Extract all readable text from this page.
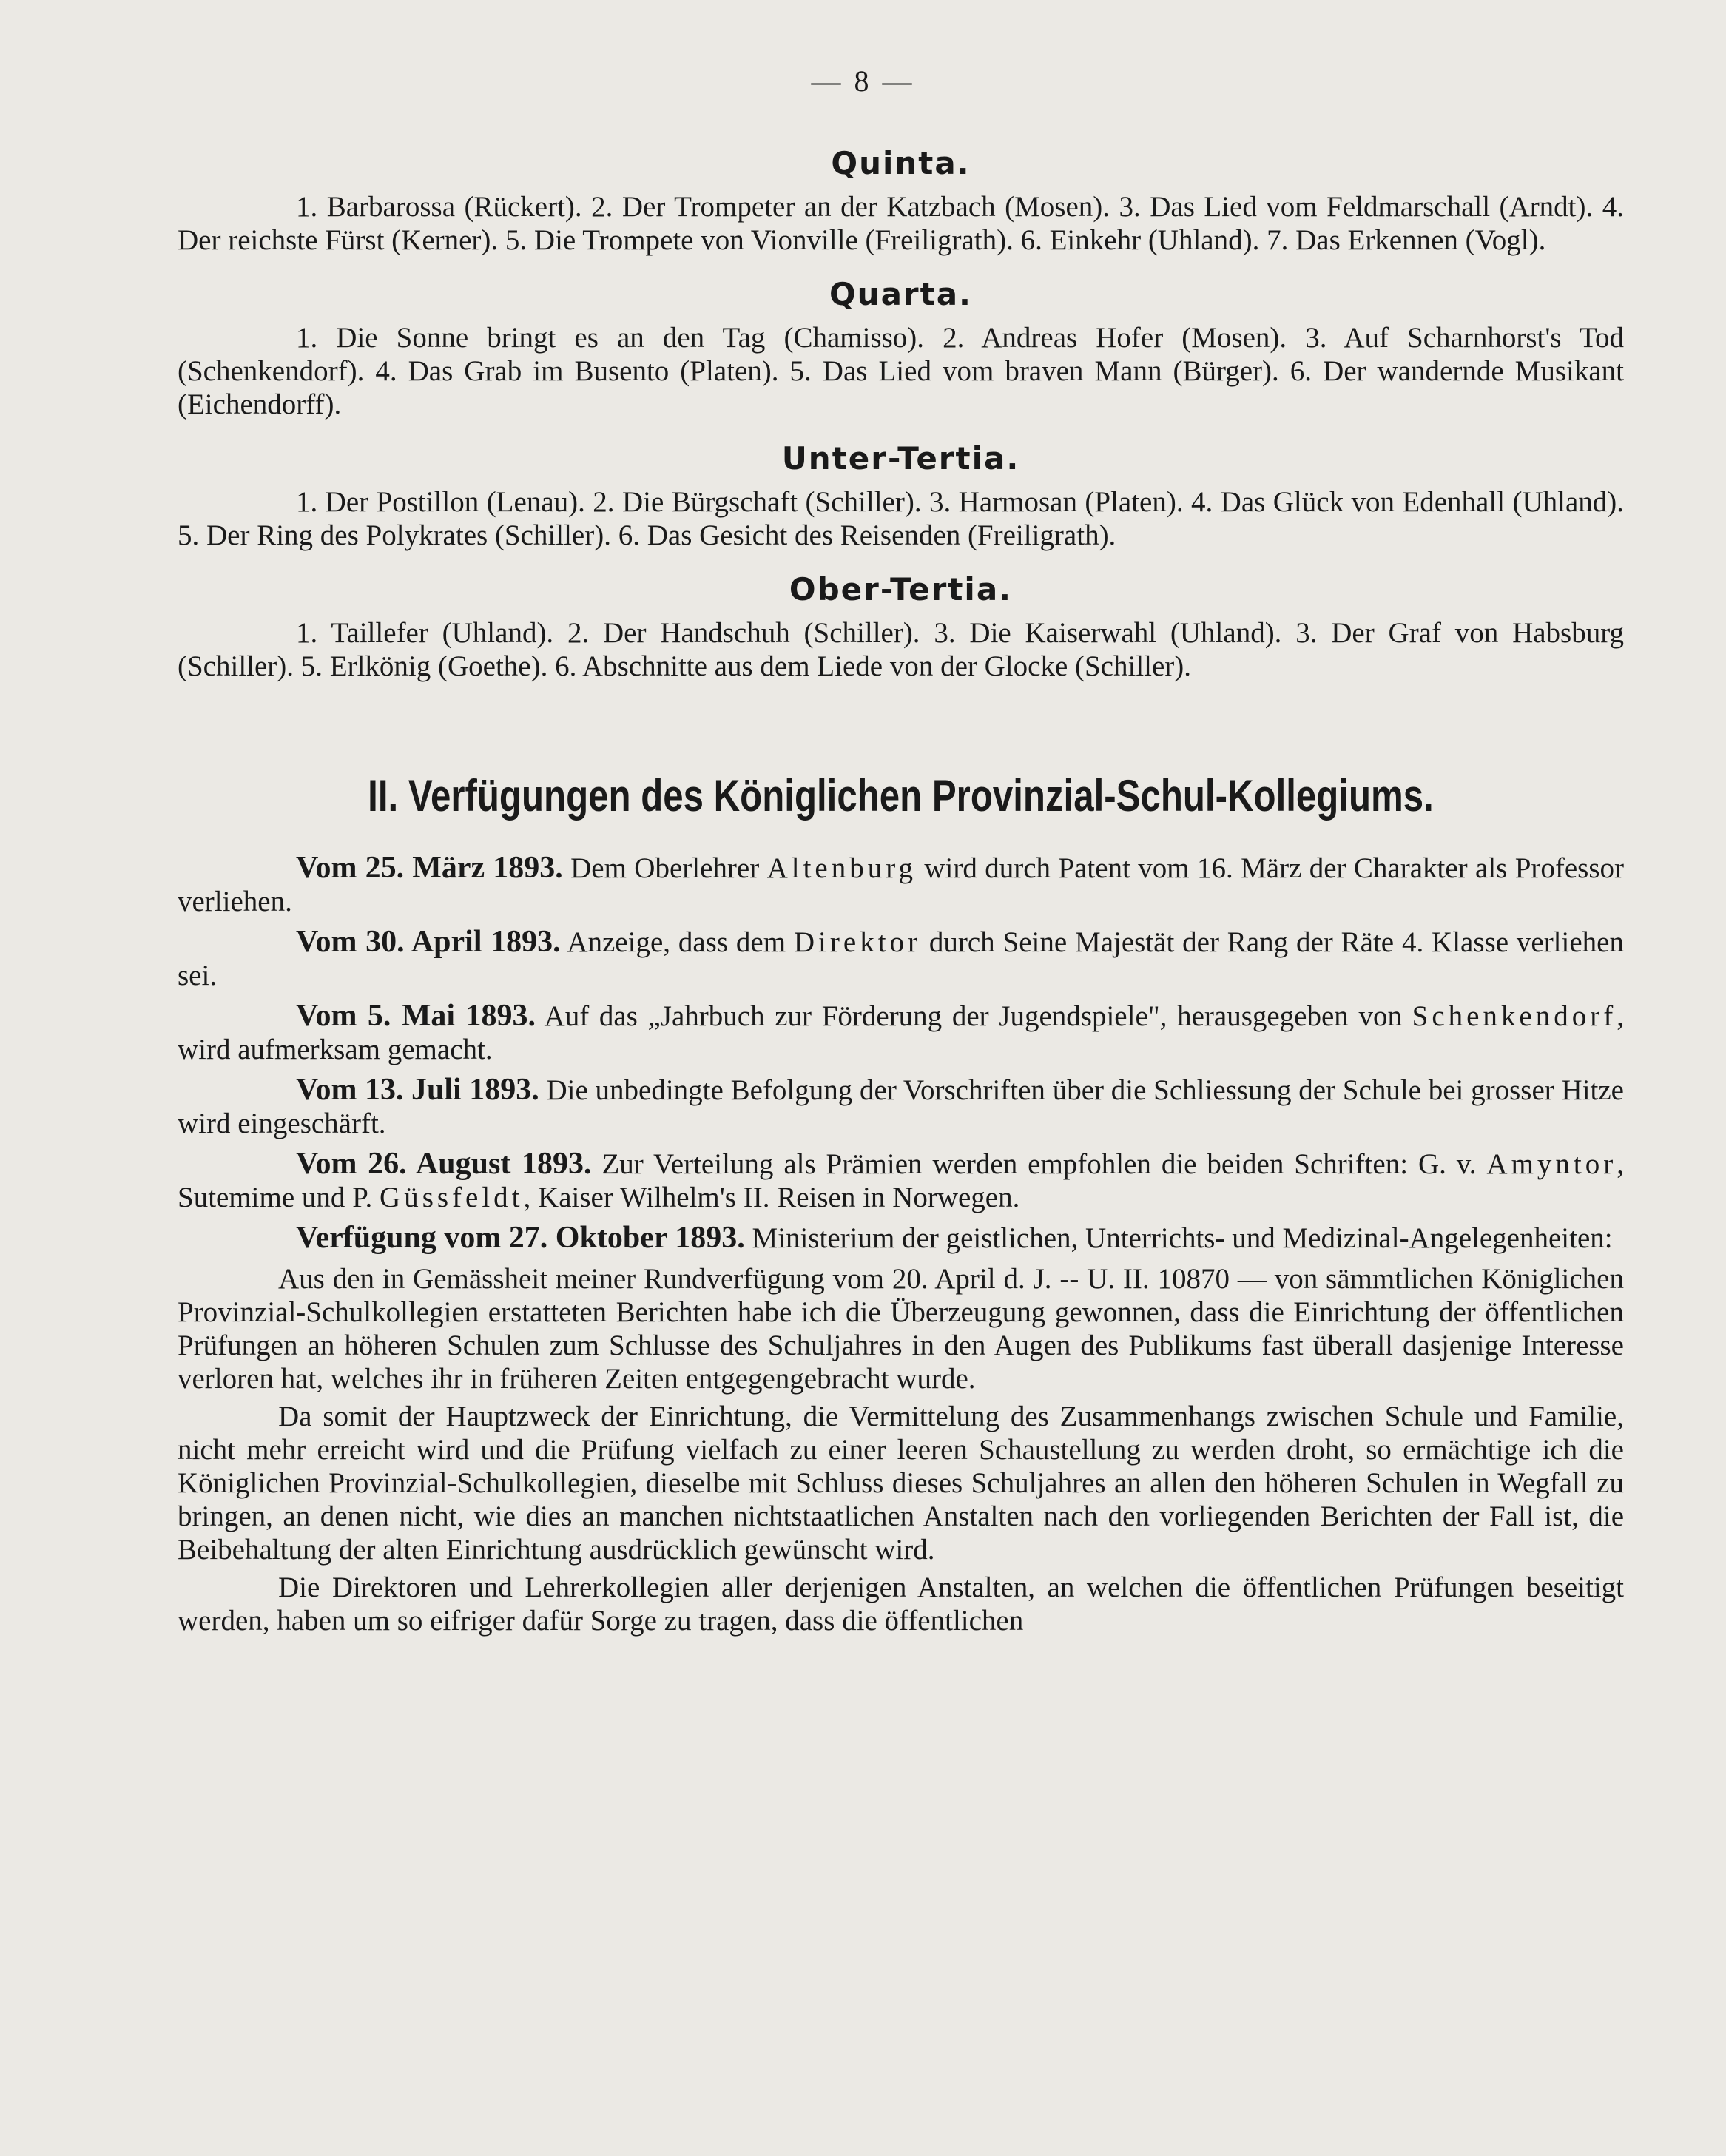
— 8 —
Quinta.

1. Barbarossa (Rückert). 2. Der Trompeter an der Katzbach (Mosen). 3. Das Lied vom Feldmarschall (Arndt). 4. Der reichste Fürst (Kerner). 5. Die Trompete von Vionville (Freiligrath). 6. Einkehr (Uhland). 7. Das Erkennen (Vogl).

Quarta.

1. Die Sonne bringt es an den Tag (Chamisso). 2. Andreas Hofer (Mosen). 3. Auf Scharnhorst's Tod (Schenkendorf). 4. Das Grab im Busento (Platen). 5. Das Lied vom braven Mann (Bürger). 6. Der wandernde Musikant (Eichendorff).

Unter-Tertia.

1. Der Postillon (Lenau). 2. Die Bürgschaft (Schiller). 3. Harmosan (Platen). 4. Das Glück von Edenhall (Uhland). 5. Der Ring des Polykrates (Schiller). 6. Das Gesicht des Reisenden (Freiligrath).

Ober-Tertia.

1. Taillefer (Uhland). 2. Der Handschuh (Schiller). 3. Die Kaiserwahl (Uhland). 3. Der Graf von Habsburg (Schiller). 5. Erlkönig (Goethe). 6. Abschnitte aus dem Liede von der Glocke (Schiller).

II. Verfügungen des Königlichen Provinzial-Schul-Kollegiums.

Vom 25. März 1893. Dem Oberlehrer Altenburg wird durch Patent vom 16. März der Charakter als Professor verliehen.

Vom 30. April 1893. Anzeige, dass dem Direktor durch Seine Majestät der Rang der Räte 4. Klasse verliehen sei.

Vom 5. Mai 1893. Auf das „Jahrbuch zur Förderung der Jugendspiele", herausgegeben von Schenkendorf, wird aufmerksam gemacht.

Vom 13. Juli 1893. Die unbedingte Befolgung der Vorschriften über die Schliessung der Schule bei grosser Hitze wird eingeschärft.

Vom 26. August 1893. Zur Verteilung als Prämien werden empfohlen die beiden Schriften: G. v. Amyntor, Sutemime und P. Güssfeldt, Kaiser Wilhelm's II. Reisen in Norwegen.

Verfügung vom 27. Oktober 1893. Ministerium der geistlichen, Unterrichts- und Medizinal-Angelegenheiten:

Aus den in Gemässheit meiner Rundverfügung vom 20. April d. J. -- U. II. 10870 — von sämmtlichen Königlichen Provinzial-Schulkollegien erstatteten Berichten habe ich die Überzeugung gewonnen, dass die Einrichtung der öffentlichen Prüfungen an höheren Schulen zum Schlusse des Schuljahres in den Augen des Publikums fast überall dasjenige Interesse verloren hat, welches ihr in früheren Zeiten entgegengebracht wurde.

Da somit der Hauptzweck der Einrichtung, die Vermittelung des Zusammenhangs zwischen Schule und Familie, nicht mehr erreicht wird und die Prüfung vielfach zu einer leeren Schaustellung zu werden droht, so ermächtige ich die Königlichen Provinzial-Schulkollegien, dieselbe mit Schluss dieses Schuljahres an allen den höheren Schulen in Wegfall zu bringen, an denen nicht, wie dies an manchen nichtstaatlichen Anstalten nach den vorliegenden Berichten der Fall ist, die Beibehaltung der alten Einrichtung ausdrücklich gewünscht wird.

Die Direktoren und Lehrerkollegien aller derjenigen Anstalten, an welchen die öffentlichen Prüfungen beseitigt werden, haben um so eifriger dafür Sorge zu tragen, dass die öffentlichen
